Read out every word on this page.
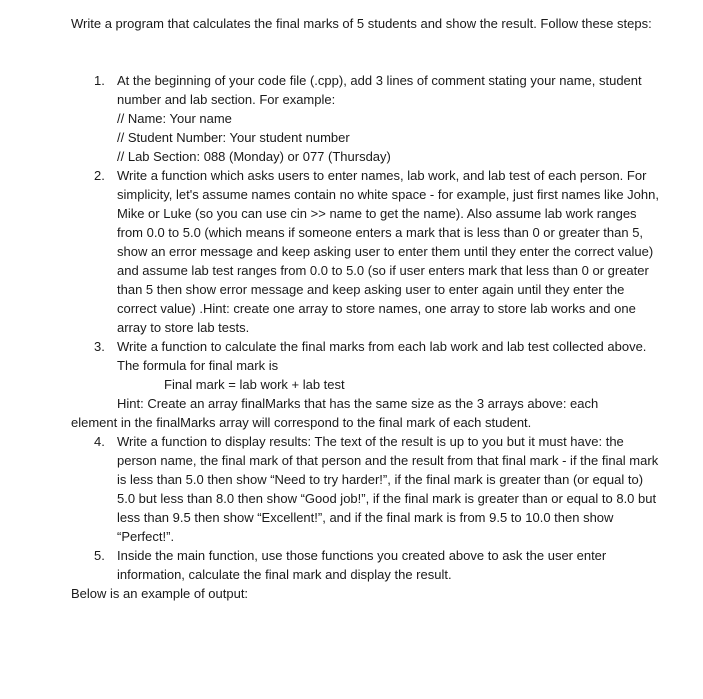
Write a program that calculates the final marks of 5 students and show the result. Follow these steps:
1. At the beginning of your code file (.cpp), add 3 lines of comment stating your name, student number and lab section. For example:
// Name: Your name
// Student Number: Your student number
// Lab Section: 088 (Monday) or 077 (Thursday)
2. Write a function which asks users to enter names, lab work, and lab test of each person. For simplicity, let's assume names contain no white space - for example, just first names like John, Mike or Luke (so you can use cin >> name to get the name). Also assume lab work ranges from 0.0 to 5.0 (which means if someone enters a mark that is less than 0 or greater than 5, show an error message and keep asking user to enter them until they enter the correct value) and assume lab test ranges from 0.0 to 5.0 (so if user enters mark that less than 0 or greater than 5 then show error message and keep asking user to enter again until they enter the correct value) .Hint: create one array to store names, one array to store lab works and one array to store lab tests.
3. Write a function to calculate the final marks from each lab work and lab test collected above. The formula for final mark is
Final mark = lab work + lab test
Hint: Create an array finalMarks that has the same size as the 3 arrays above: each
element in the finalMarks array will correspond to the final mark of each student.
4. Write a function to display results: The text of the result is up to you but it must have: the person name, the final mark of that person and the result from that final mark - if the final mark is less than 5.0 then show “Need to try harder!”, if the final mark is greater than (or equal to) 5.0 but less than 8.0 then show “Good job!”, if the final mark is greater than or equal to 8.0 but less than 9.5 then show “Excellent!”, and if the final mark is from 9.5 to 10.0 then show “Perfect!”.
5. Inside the main function, use those functions you created above to ask the user enter information, calculate the final mark and display the result.
Below is an example of output:
